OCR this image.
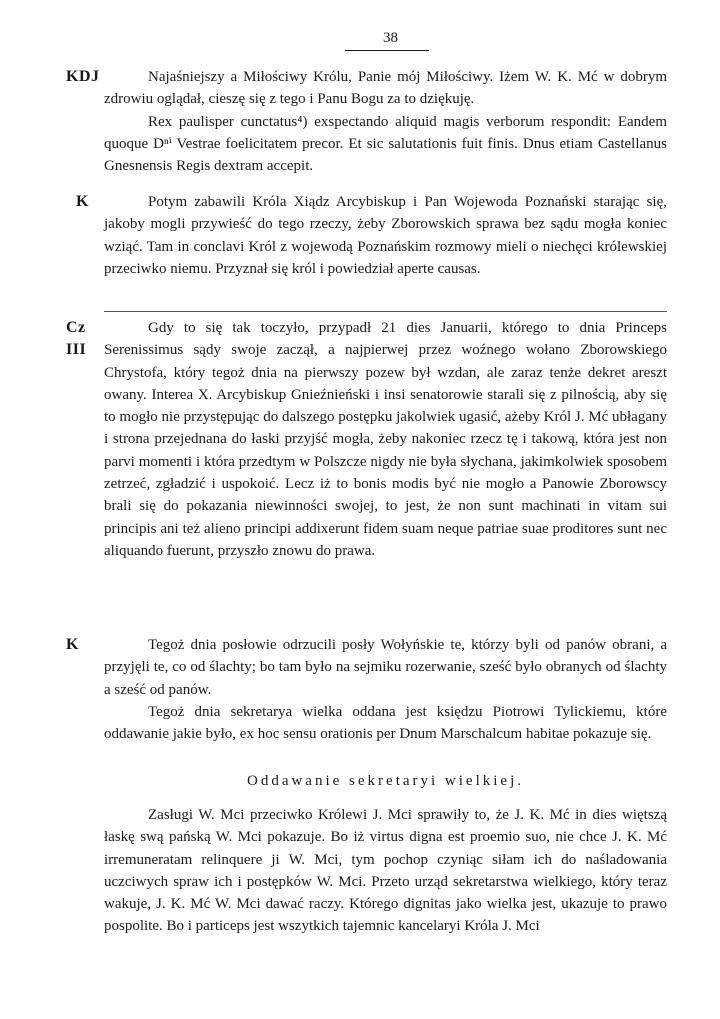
38
KDJ	Najaśniejszy a Miłościwy Królu, Panie mój Miłościwy. Iżem W. K. Mć w dobrym zdrowiu oglądał, cieszę się z tego i Panu Bogu za to dziękuję.

Rex paulisper cunctatus⁴) exspectando aliquid magis verborum respondit: Eandem quoque Dⁿⁱ Vestrae foelicitatem precor. Et sic salutationis fuit finis. Dnus etiam Castellanus Gnesnensis Regis dextram accepit.

K	Potym zabawili Króla Xiądz Arcybiskup i Pan Wojewoda Poznański starając się, jakoby mogli przywieść do tego rzeczy, żeby Zborowskich sprawa bez sądu mogła koniec wziąć. Tam in conclavi Król z wojewodą Poznańskim rozmowy mieli o niechęci królewskiej przeciwko niemu. Przyznał się król i powiedział aperte causas.

Cz
III

Gdy to się tak toczyło, przypadł 21 dies Januarii, którego to dnia Princeps Serenissimus sądy swoje zaczął, a najpierwej przez woźnego wołano Zborowskiego Chrystofa, który tegoż dnia na pierwszy pozew był wzdan, ale zaraz tenże dekret areszt​owany. Interea X. Arcybiskup Gnieźnieński i insi senatorowie starali się z pilnością, aby się to mogło nie przystępując do dalszego postępku jakolwiek ugasić, ażeby Król J. Mć ubłagany i strona przejednana do łaski przyjść mogła, żeby nakoniec rzecz tę i takową, która jest non parvi momenti i która przedtym w Polszcze nigdy nie była słychana, jakimkolwiek sposobem zetrzeć, zgładzić i uspokoić. Lecz iż to bonis modis być nie mogło a Panowie Zborowscy brali się do pokazania niewinności swojej, to jest, że non sunt machinati in vitam sui principis ani też alieno principi addixerunt fidem suam neque patriae suae proditores sunt nec aliquando fuerunt, przyszło znowu do prawa.

K	Tegoż dnia posłowie odrzucili posły Wołyńskie te, którzy byli od panów obrani, a przyjęli te, co od ślachty; bo tam było na sejmiku rozerwanie, sześć było obranych od ślachty a sześć od panów.

Tegoż dnia sekretarya wielka oddana jest księdzu Piotrowi Tylickiemu, które oddawanie jakie było, ex hoc sensu orationis per Dnum Marschalcum habitae pokazuje się.

Oddawanie sekretaryi wielkiej.

Zasługi W. Mci przeciwko Królewi J. Mci sprawiły to, że J. K. Mć in dies więtszą łaskę swą pańską W. Mci pokazuje. Bo iż virtus digna est proemio suo, nie chce J. K. Mć irremuneratam relinquere ji W. Mci, tym pochop czyniąc siłam ich do naśladowania uczciwych spraw ich i postępków W. Mci. Przeto urząd sekretarstwa wielkiego, który teraz wakuje, J. K. Mć W. Mci dawać raczy. Którego dignitas jako wielka jest, ukazuje to prawo pospolite. Bo i particeps jest wszytkich tajemnic kancelaryi Króla J. Mci
